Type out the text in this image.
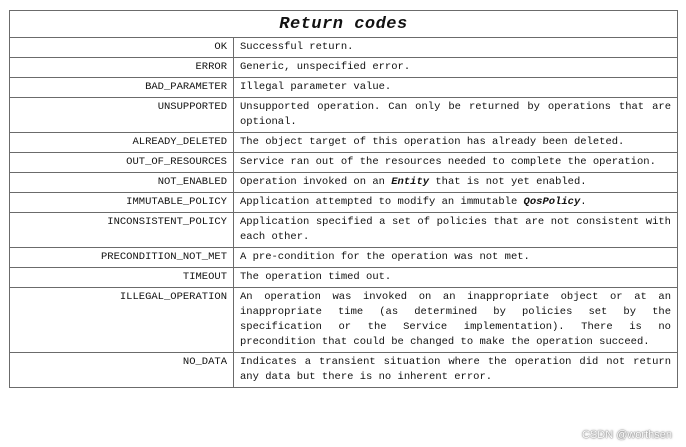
Return codes	
OK	Successful return.
ERROR	Generic, unspecified error.
BAD_PARAMETER	Illegal parameter value.
UNSUPPORTED	Unsupported operation. Can only be returned by operations that are optional.
ALREADY_DELETED	The object target of this operation has already been deleted.
OUT_OF_RESOURCES	Service ran out of the resources needed to complete the operation.
NOT_ENABLED	Operation invoked on an Entity that is not yet enabled.
IMMUTABLE_POLICY	Application attempted to modify an immutable QosPolicy.
INCONSISTENT_POLICY	Application specified a set of policies that are not consistent with each other.
PRECONDITION_NOT_MET	A pre-condition for the operation was not met.
TIMEOUT	The operation timed out.
ILLEGAL_OPERATION	An operation was invoked on an inappropriate object or at an inappropriate time (as determined by policies set by the specification or the Service implementation). There is no precondition that could be changed to make the operation succeed.
NO_DATA	Indicates a transient situation where the operation did not return any data but there is no inherent error.
CSDN @worthsen
